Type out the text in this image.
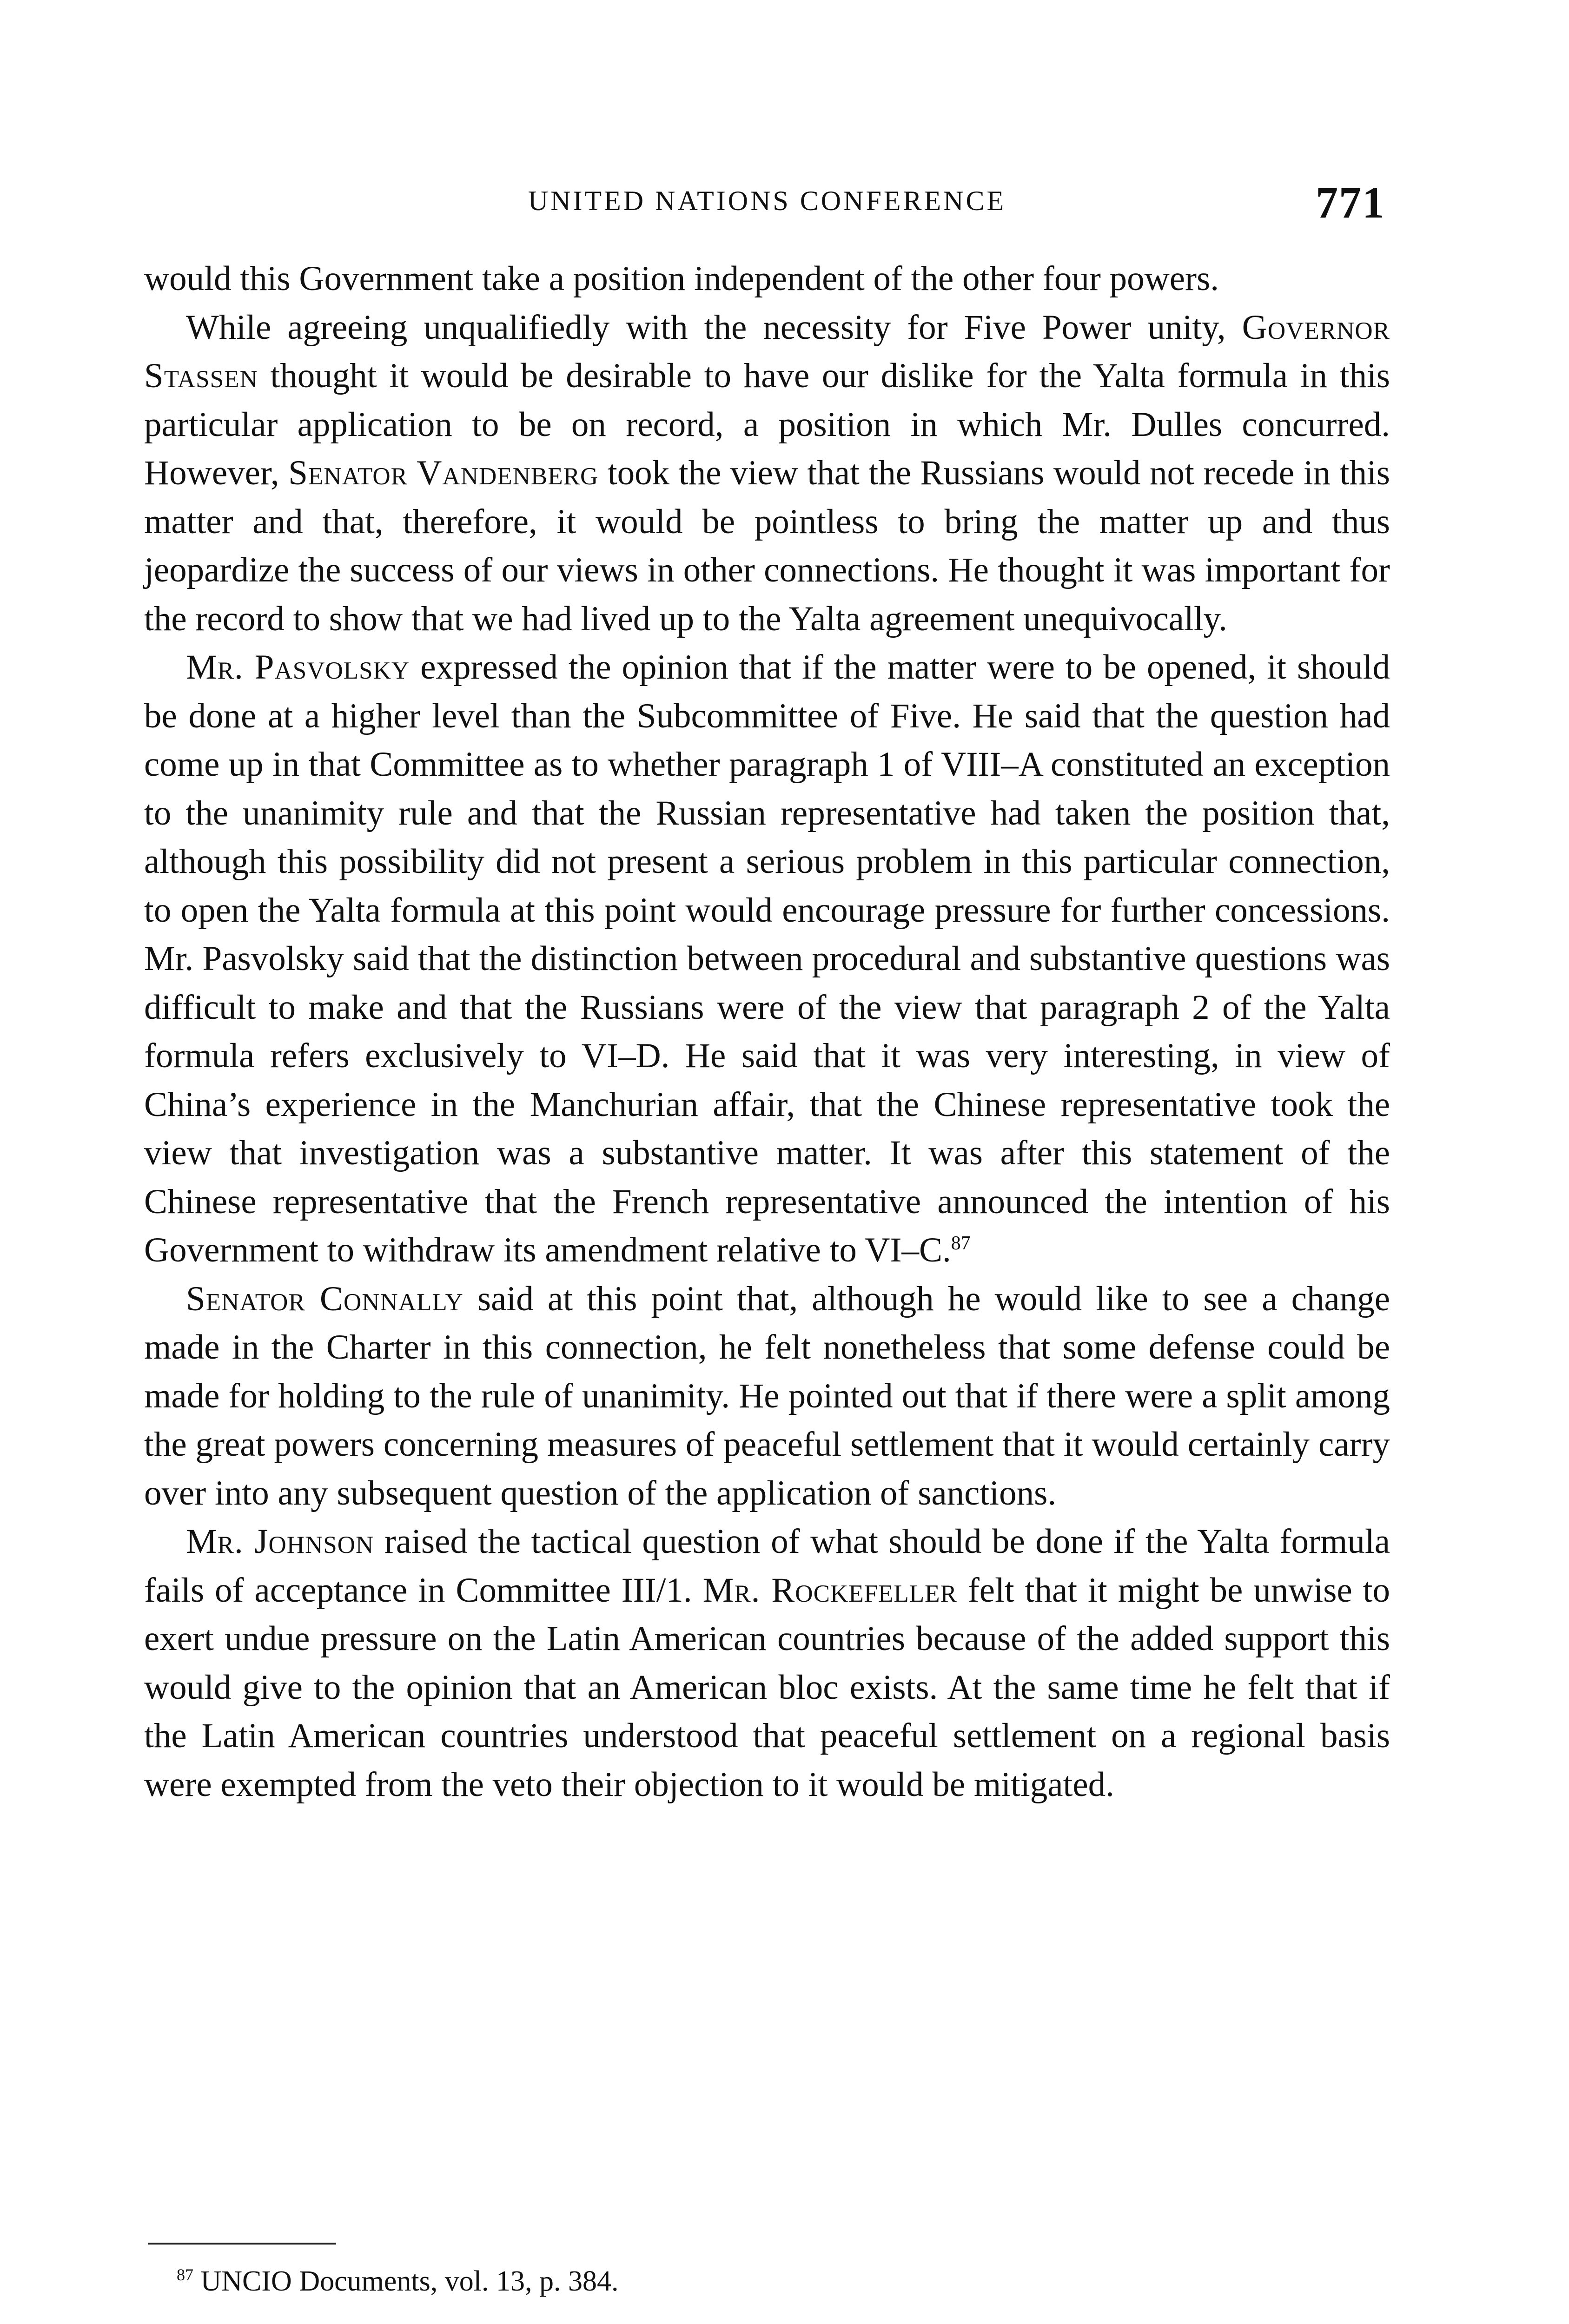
UNITED NATIONS CONFERENCE	771

would this Government take a position independent of the other four powers.

While agreeing unqualifiedly with the necessity for Five Power unity, Governor Stassen thought it would be desirable to have our dislike for the Yalta formula in this particular application to be on record, a position in which Mr. Dulles concurred. However, Senator Vandenberg took the view that the Russians would not recede in this matter and that, therefore, it would be pointless to bring the matter up and thus jeopardize the success of our views in other connections. He thought it was important for the record to show that we had lived up to the Yalta agreement unequivocally.

Mr. Pasvolsky expressed the opinion that if the matter were to be opened, it should be done at a higher level than the Subcommittee of Five. He said that the question had come up in that Committee as to whether paragraph 1 of VIII–A constituted an exception to the unanimity rule and that the Russian representative had taken the position that, although this possibility did not present a serious problem in this particular connection, to open the Yalta formula at this point would encourage pressure for further concessions. Mr. Pasvolsky said that the distinction between procedural and substantive questions was difficult to make and that the Russians were of the view that paragraph 2 of the Yalta formula refers exclusively to VI–D. He said that it was very interesting, in view of China’s experience in the Manchurian affair, that the Chinese representative took the view that investigation was a substantive matter. It was after this statement of the Chinese representative that the French representative announced the intention of his Government to withdraw its amendment relative to VI–C.$^{87}$

Senator Connally said at this point that, although he would like to see a change made in the Charter in this connection, he felt nonetheless that some defense could be made for holding to the rule of unanimity. He pointed out that if there were a split among the great powers concerning measures of peaceful settlement that it would certainly carry over into any subsequent question of the application of sanctions.

Mr. Johnson raised the tactical question of what should be done if the Yalta formula fails of acceptance in Committee III/1. Mr. Rockefeller felt that it might be unwise to exert undue pressure on the Latin American countries because of the added support this would give to the opinion that an American bloc exists. At the same time he felt that if the Latin American countries understood that peaceful settlement on a regional basis were exempted from the veto their objection to it would be mitigated.

$^{87}$ UNCIO Documents, vol. 13, p. 384.
